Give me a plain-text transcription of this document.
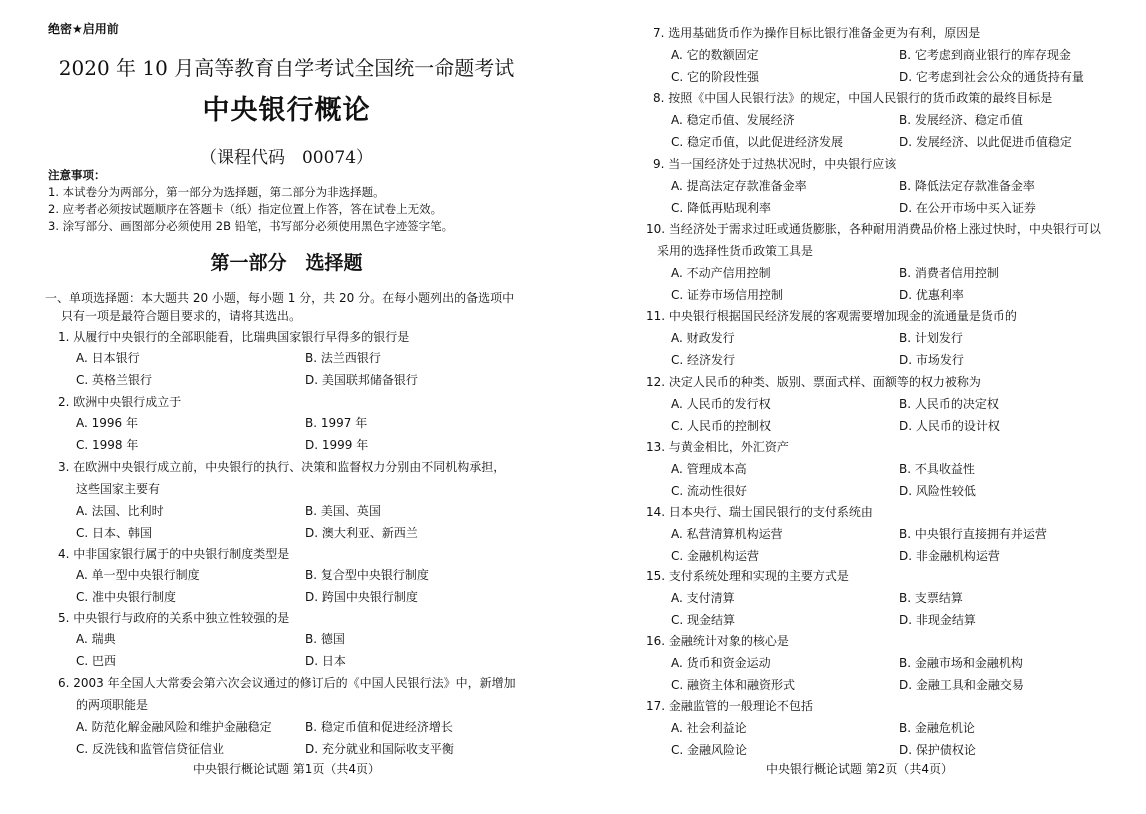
绝密★启用前
2020 年 10 月高等教育自学考试全国统一命题考试
中央银行概论
（课程代码　00074）
注意事项：
1. 本试卷分为两部分，第一部分为选择题，第二部分为非选择题。
2. 应考者必须按试题顺序在答题卡（纸）指定位置上作答，答在试卷上无效。
3. 涂写部分、画图部分必须使用 2B 铅笔，书写部分必须使用黑色字迹签字笔。
第一部分　选择题
一、单项选择题：本大题共 20 小题，每小题 1 分，共 20 分。在每小题列出的备选项中
只有一项是最符合题目要求的，请将其选出。
1. 从履行中央银行的全部职能看，比瑞典国家银行早得多的银行是
A. 日本银行	B. 法兰西银行
C. 英格兰银行	D. 美国联邦储备银行
2. 欧洲中央银行成立于
A. 1996 年	B. 1997 年
C. 1998 年	D. 1999 年
3. 在欧洲中央银行成立前，中央银行的执行、决策和监督权力分别由不同机构承担，
这些国家主要有
A. 法国、比利时	B. 美国、英国
C. 日本、韩国	D. 澳大利亚、新西兰
4. 中非国家银行属于的中央银行制度类型是
A. 单一型中央银行制度	B. 复合型中央银行制度
C. 准中央银行制度	D. 跨国中央银行制度
5. 中央银行与政府的关系中独立性较强的是
A. 瑞典	B. 德国
C. 巴西	D. 日本
6. 2003 年全国人大常委会第六次会议通过的修订后的《中国人民银行法》中，新增加
的两项职能是
A. 防范化解金融风险和维护金融稳定	B. 稳定币值和促进经济增长
C. 反洗钱和监管信贷征信业	D. 充分就业和国际收支平衡
中央银行概论试题 第1页（共4页）
7. 选用基础货币作为操作目标比银行准备金更为有利，原因是
A. 它的数额固定	B. 它考虑到商业银行的库存现金
C. 它的阶段性强	D. 它考虑到社会公众的通货持有量
8. 按照《中国人民银行法》的规定，中国人民银行的货币政策的最终目标是
A. 稳定币值、发展经济	B. 发展经济、稳定币值
C. 稳定币值，以此促进经济发展	D. 发展经济、以此促进币值稳定
9. 当一国经济处于过热状况时，中央银行应该
A. 提高法定存款准备金率	B. 降低法定存款准备金率
C. 降低再贴现利率	D. 在公开市场中买入证券
10. 当经济处于需求过旺或通货膨胀，各种耐用消费品价格上涨过快时，中央银行可以
采用的选择性货币政策工具是
A. 不动产信用控制	B. 消费者信用控制
C. 证券市场信用控制	D. 优惠利率
11. 中央银行根据国民经济发展的客观需要增加现金的流通量是货币的
A. 财政发行	B. 计划发行
C. 经济发行	D. 市场发行
12. 决定人民币的种类、版别、票面式样、面额等的权力被称为
A. 人民币的发行权	B. 人民币的决定权
C. 人民币的控制权	D. 人民币的设计权
13. 与黄金相比，外汇资产
A. 管理成本高	B. 不具收益性
C. 流动性很好	D. 风险性较低
14. 日本央行、瑞士国民银行的支付系统由
A. 私营清算机构运营	B. 中央银行直接拥有并运营
C. 金融机构运营	D. 非金融机构运营
15. 支付系统处理和实现的主要方式是
A. 支付清算	B. 支票结算
C. 现金结算	D. 非现金结算
16. 金融统计对象的核心是
A. 货币和资金运动	B. 金融市场和金融机构
C. 融资主体和融资形式	D. 金融工具和金融交易
17. 金融监管的一般理论不包括
A. 社会利益论	B. 金融危机论
C. 金融风险论	D. 保护债权论
中央银行概论试题 第2页（共4页）
